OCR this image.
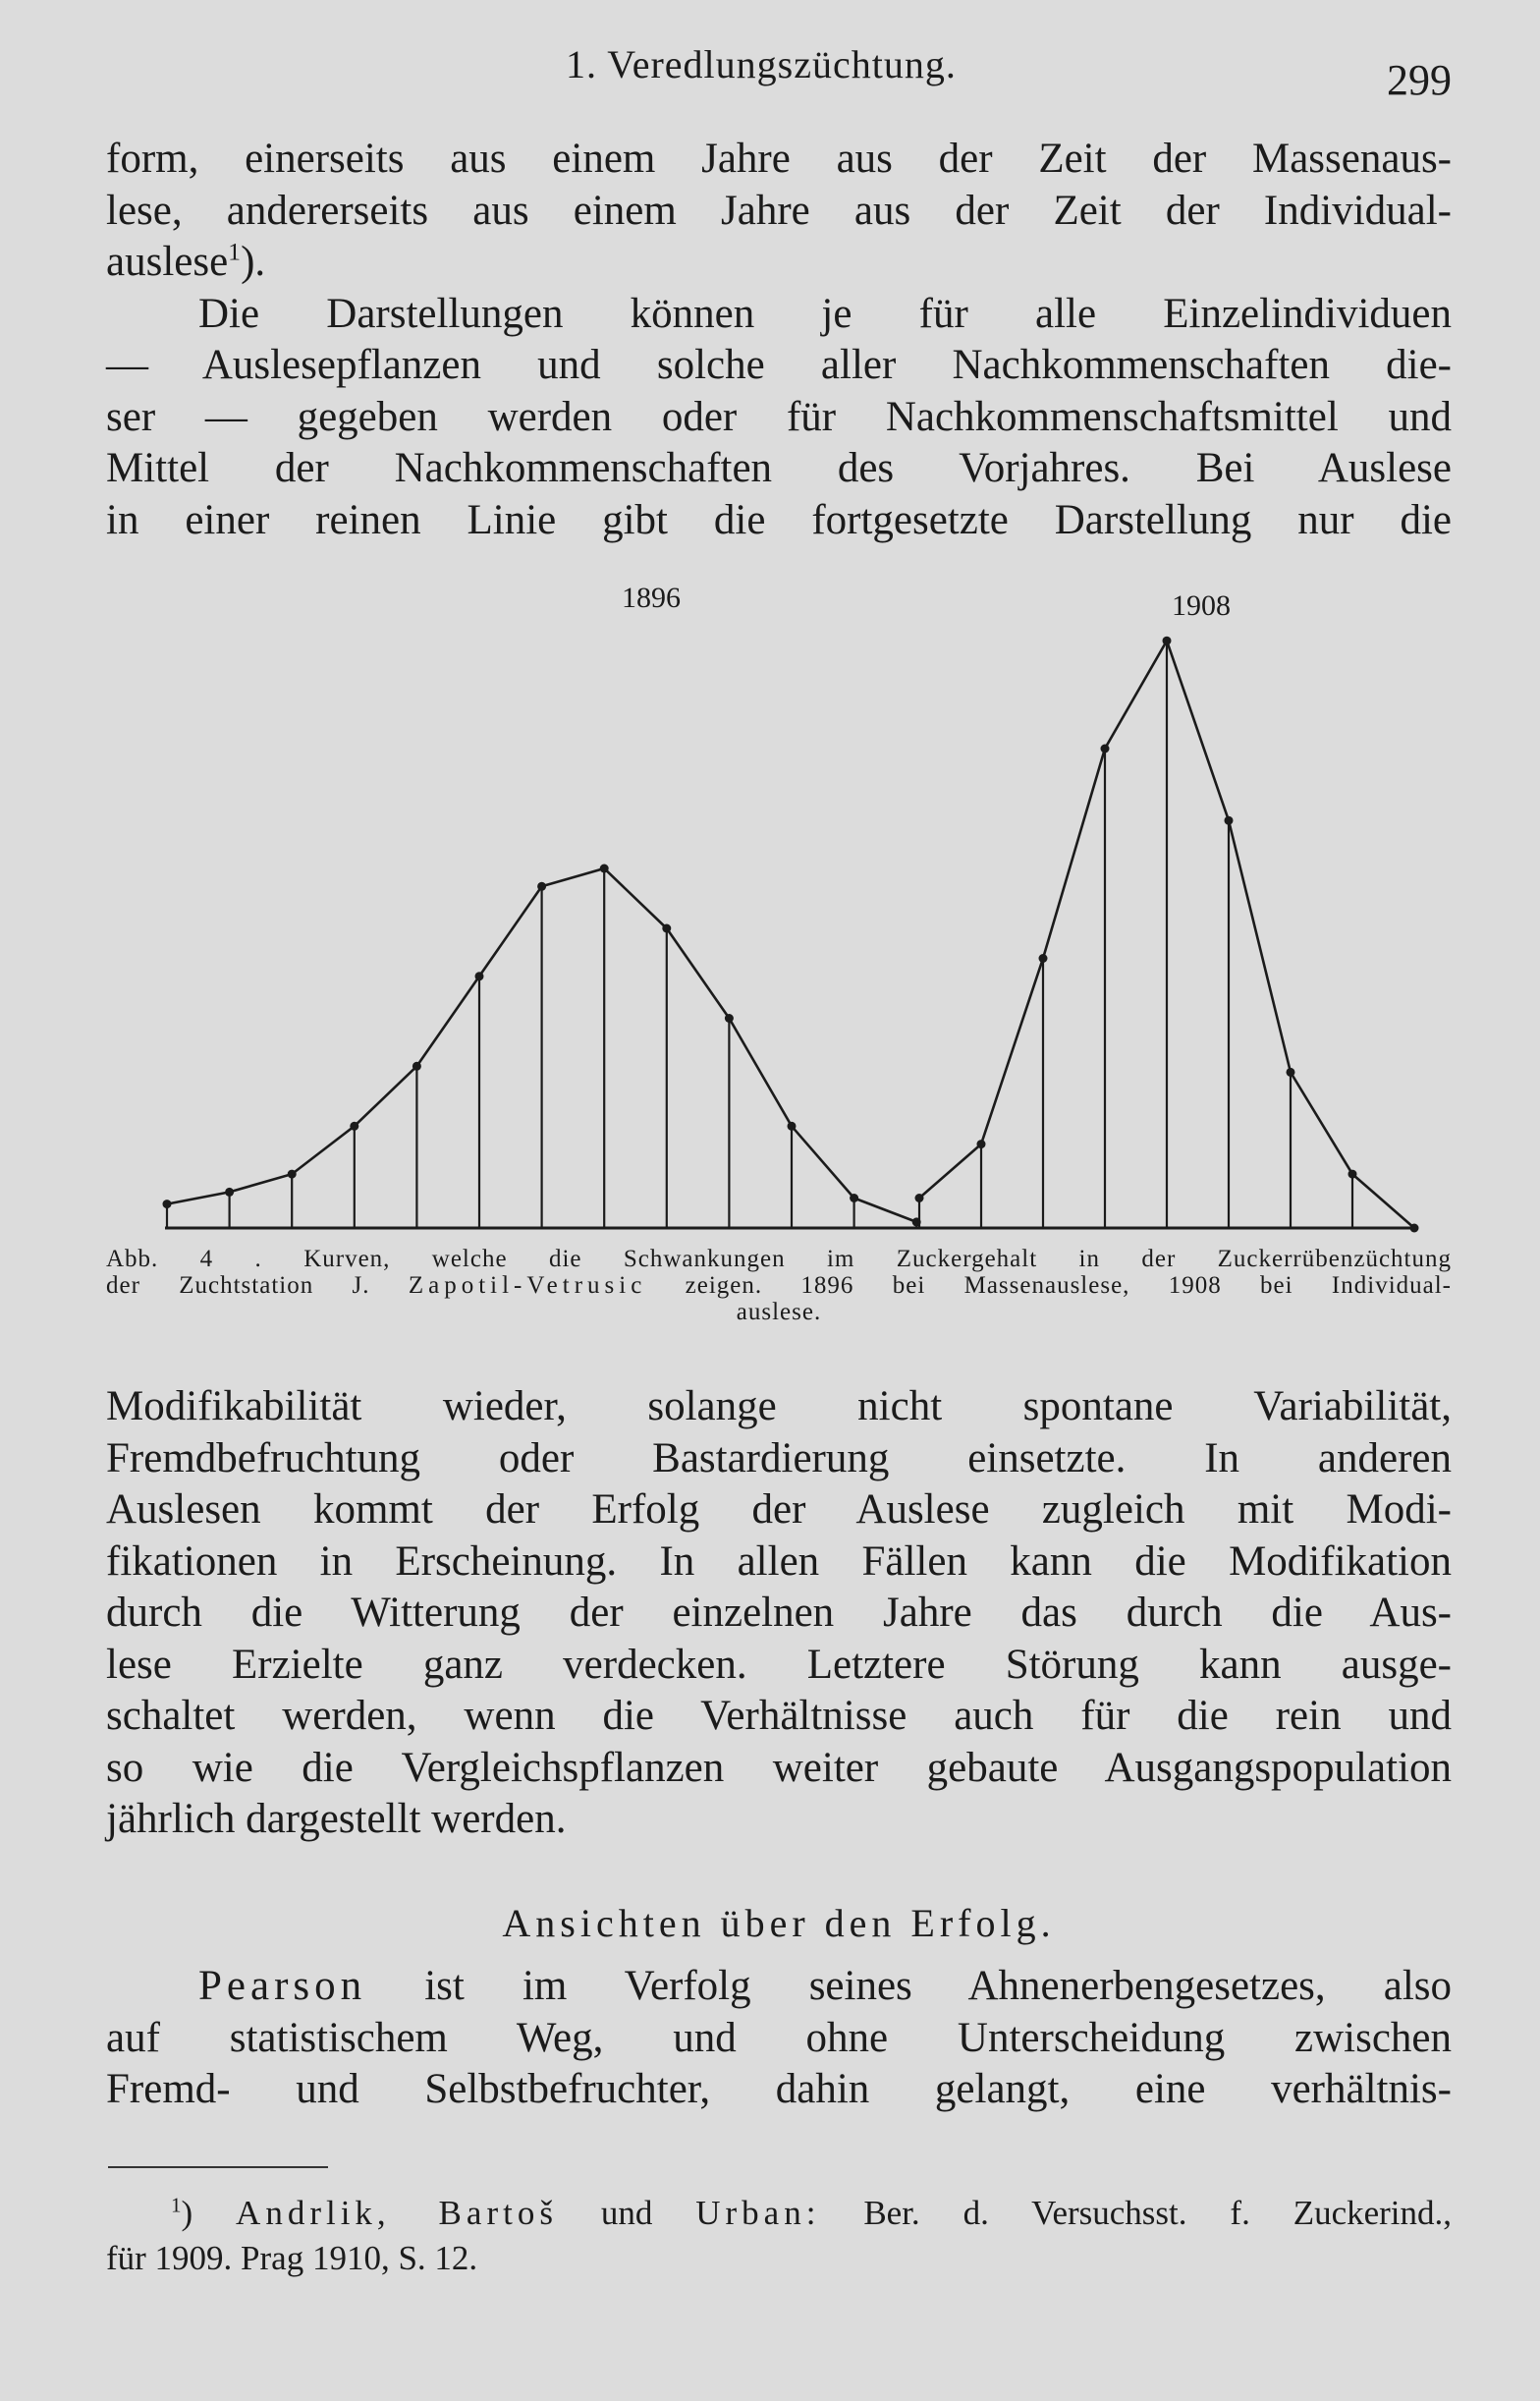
1. Veredlungszüchtung.	299
form, einerseits aus einem Jahre aus der Zeit der Massenaus-
lese, andererseits aus einem Jahre aus der Zeit der Individual-
auslese$^1$).
Die Darstellungen können je für alle Einzelindividuen
— Auslesepflanzen und solche aller Nachkommenschaften die-
ser — gegeben werden oder für Nachkommenschaftsmittel und
Mittel der Nachkommenschaften des Vorjahres. Bei Auslese
in einer reinen Linie gibt die fortgesetzte Darstellung nur die
1896	1908
Abb. 4 . Kurven, welche die Schwankungen im Zuckergehalt in der Zuckerrübenzüchtung
der Zuchtstation J. Zapotil-Vetrusic zeigen. 1896 bei Massenauslese, 1908 bei Individual-
auslese.
Modifikabilität wieder, solange nicht spontane Variabilität,
Fremdbefruchtung oder Bastardierung einsetzte. In anderen
Auslesen kommt der Erfolg der Auslese zugleich mit Modi-
fikationen in Erscheinung. In allen Fällen kann die Modifikation
durch die Witterung der einzelnen Jahre das durch die Aus-
lese Erzielte ganz verdecken. Letztere Störung kann ausge-
schaltet werden, wenn die Verhältnisse auch für die rein und
so wie die Vergleichspflanzen weiter gebaute Ausgangspopulation
jährlich dargestellt werden.
Ansichten über den Erfolg.
Pearson ist im Verfolg seines Ahnenerbengesetzes, also
auf statistischem Weg, und ohne Unterscheidung zwischen
Fremd- und Selbstbefruchter, dahin gelangt, eine verhältnis-
$^1$) Andrlik, Bartoš und Urban: Ber. d. Versuchsst. f. Zuckerind.,
für 1909. Prag 1910, S. 12.
